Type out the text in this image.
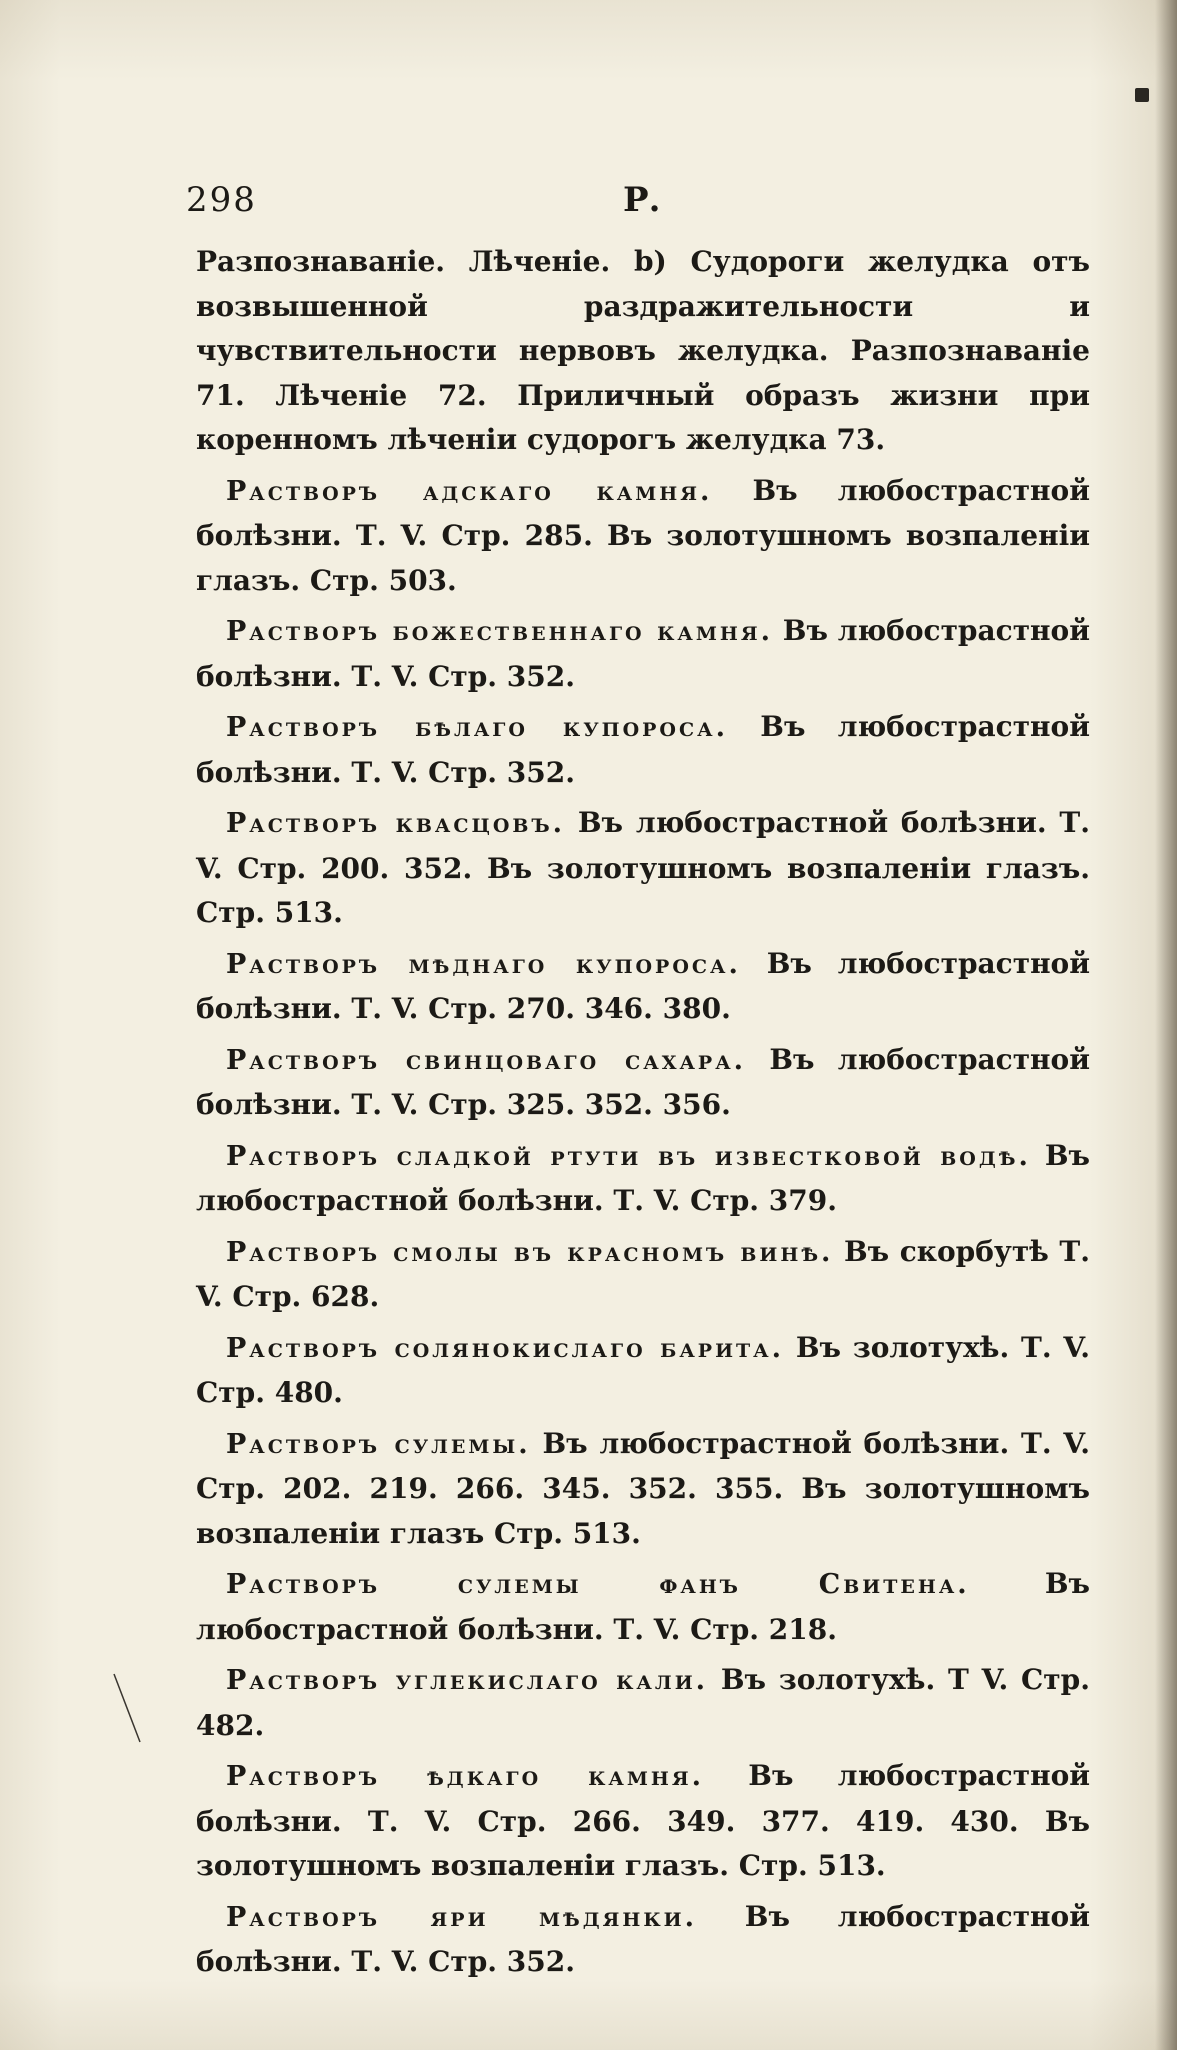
298	Р.

Разпознаваніе. Лѣченіе. b) Судороги желудка отъ возвышенной раздражительности и чувствительности нервовъ желудка. Разпознаваніе 71. Лѣченіе 72. Приличный образъ жизни при коренномъ лѣченіи судорогъ желудка 73.

Растворъ адскаго камня. Въ любострастной болѣзни. Т. V. Стр. 285. Въ золотушномъ возпаленіи глазъ. Стр. 503.

Растворъ божественнаго камня. Въ любострастной болѣзни. Т. V. Стр. 352.

Растворъ бѣлаго купороса. Въ любострастной болѣзни. Т. V. Стр. 352.

Растворъ квасцовъ. Въ любострастной болѣзни. Т. V. Стр. 200. 352. Въ золотушномъ возпаленіи глазъ. Стр. 513.

Растворъ мѣднаго купороса. Въ любострастной болѣзни. Т. V. Стр. 270. 346. 380.

Растворъ свинцоваго сахара. Въ любострастной болѣзни. Т. V. Стр. 325. 352. 356.

Растворъ сладкой ртути въ известковой водѣ. Въ любострастной болѣзни. Т. V. Стр. 379.

Растворъ смолы въ красномъ винѣ. Въ скорбутѣ Т. V. Стр. 628.

Растворъ солянокислаго барита. Въ золотухѣ. Т. V. Стр. 480.

Растворъ сулемы. Въ любострастной болѣзни. Т. V. Стр. 202. 219. 266. 345. 352. 355. Въ золотушномъ возпаленіи глазъ Стр. 513.

Растворъ сулемы фанъ Свитена.	Въ любострастной болѣзни. Т. V. Стр. 218.

Растворъ углекислаго кали. Въ золотухѣ. Т V. Стр. 482.

Растворъ ѣдкаго камня. Въ любострастной болѣзни. Т. V. Стр. 266. 349. 377. 419. 430. Въ золотушномъ возпаленіи глазъ. Стр. 513.

Растворъ яри мѣдянки. Въ любострастной болѣзни. Т. V. Стр. 352.
